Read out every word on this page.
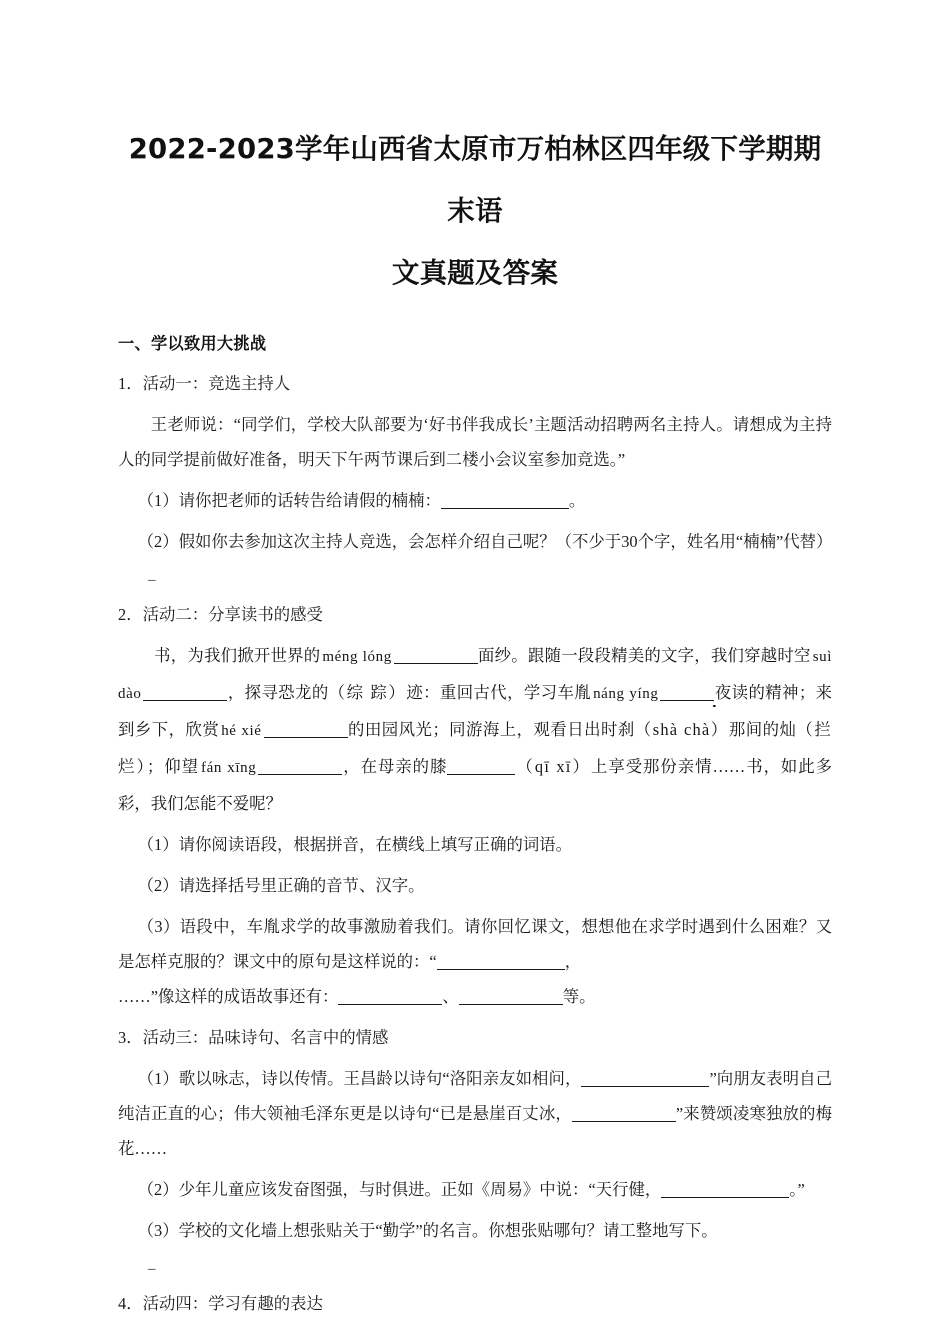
2022-2023学年山西省太原市万柏林区四年级下学期期末语
文真题及答案
一、学以致用大挑战

1．活动一：竞选主持人

王老师说：“同学们，学校大队部要为‘好书伴我成长’主题活动招聘两名主持人。请想成为主持人的同学提前做好准备，明天下午两节课后到二楼小会议室参加竞选。”

（1）请你把老师的话转告给请假的楠楠：	。

（2）假如你去参加这次主持人竞选，会怎样介绍自己呢？（不少于30个字，姓名用“楠楠”代替）

–

2．活动二：分享读书的感受

书，为我们掀开世界的 méng lóng	面纱。跟随一段段精美的文字，我们穿越时空 suì dào	，探寻恐龙的（综 踪）迹：重回古代，学习车胤 náng yíng	夜读的精神；来到乡下，欣赏 hé xié	的田园风光；同游海上，观看日出时刹（shà chà）那间的灿（拦 烂）；仰望 fán xīng	，在母亲的膝	（qī xī）上享受那份亲情……书，如此多彩，我们怎能不爱呢？

（1）请你阅读语段，根据拼音，在横线上填写正确的词语。

（2）请选择括号里正确的音节、汉字。

（3）语段中，车胤求学的故事激励着我们。请你回忆课文，想想他在求学时遇到什么困难？又是怎样克服的？课文中的原句是这样说的：“	，
……”像这样的成语故事还有：	、	等。

3．活动三：品味诗句、名言中的情感

（1）歌以咏志，诗以传情。王昌龄以诗句“洛阳亲友如相问，	”向朋友表明自己纯洁正直的心；伟大领袖毛泽东更是以诗句“已是悬崖百丈冰，	”来赞颂凌寒独放的梅花……

（2）少年儿童应该发奋图强，与时俱进。正如《周易》中说：“天行健，	。”

（3）学校的文化墙上想张贴关于“勤学”的名言。你想张贴哪句？请工整地写下。

–

4．活动四：学习有趣的表达
